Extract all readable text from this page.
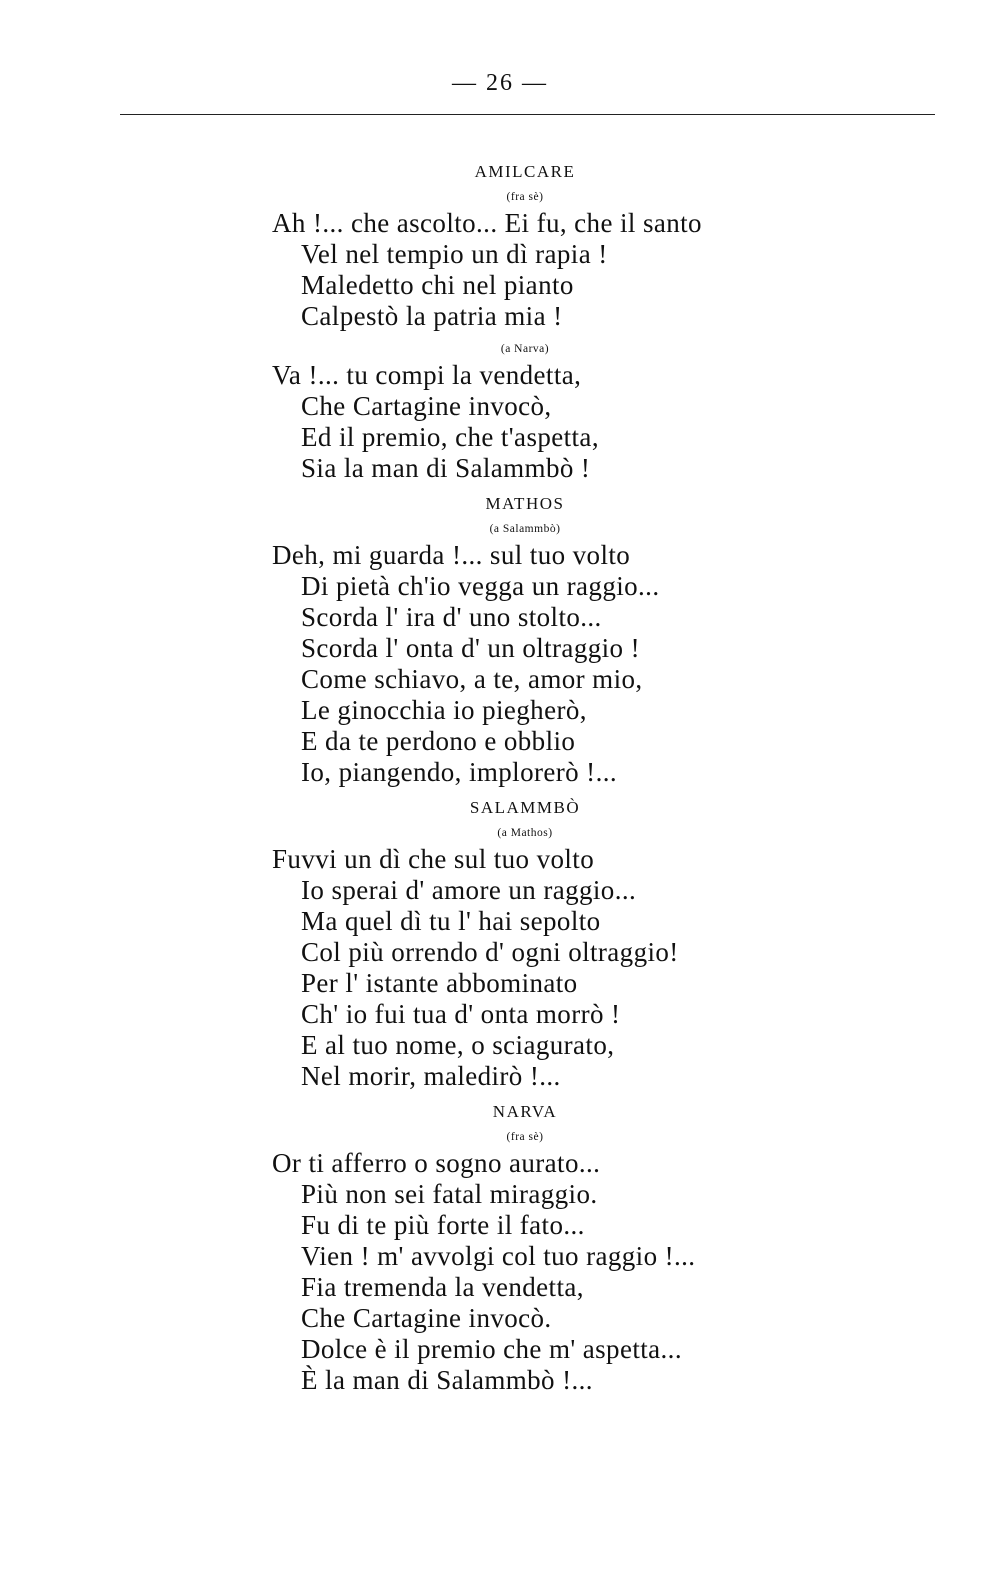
— 26 —
AMILCARE
(fra sè)
Ah !... che ascolto... Ei fu, che il santo
Vel nel tempio un dì rapia !
Maledetto chi nel pianto
Calpestò la patria mia !
(a Narva)
Va !... tu compi la vendetta,
Che Cartagine invocò,
Ed il premio, che t'aspetta,
Sia la man di Salammbò !
MATHOS
(a Salammbò)
Deh, mi guarda !... sul tuo volto
Di pietà ch'io vegga un raggio...
Scorda l' ira d' uno stolto...
Scorda l' onta d' un oltraggio !
Come schiavo, a te, amor mio,
Le ginocchia io piegherò,
E da te perdono e obblio
Io, piangendo, implorerò !...
SALAMMBÒ
(a Mathos)
Fuvvi un dì che sul tuo volto
Io sperai d' amore un raggio...
Ma quel dì tu l' hai sepolto
Col più orrendo d' ogni oltraggio!
Per l' istante abbominato
Ch' io fui tua d' onta morrò !
E al tuo nome, o sciagurato,
Nel morir, maledirò !...
NARVA
(fra sè)
Or ti afferro o sogno aurato...
Più non sei fatal miraggio.
Fu di te più forte il fato...
Vien ! m' avvolgi col tuo raggio !...
Fia tremenda la vendetta,
Che Cartagine invocò.
Dolce è il premio che m' aspetta...
È la man di Salammbò !...
